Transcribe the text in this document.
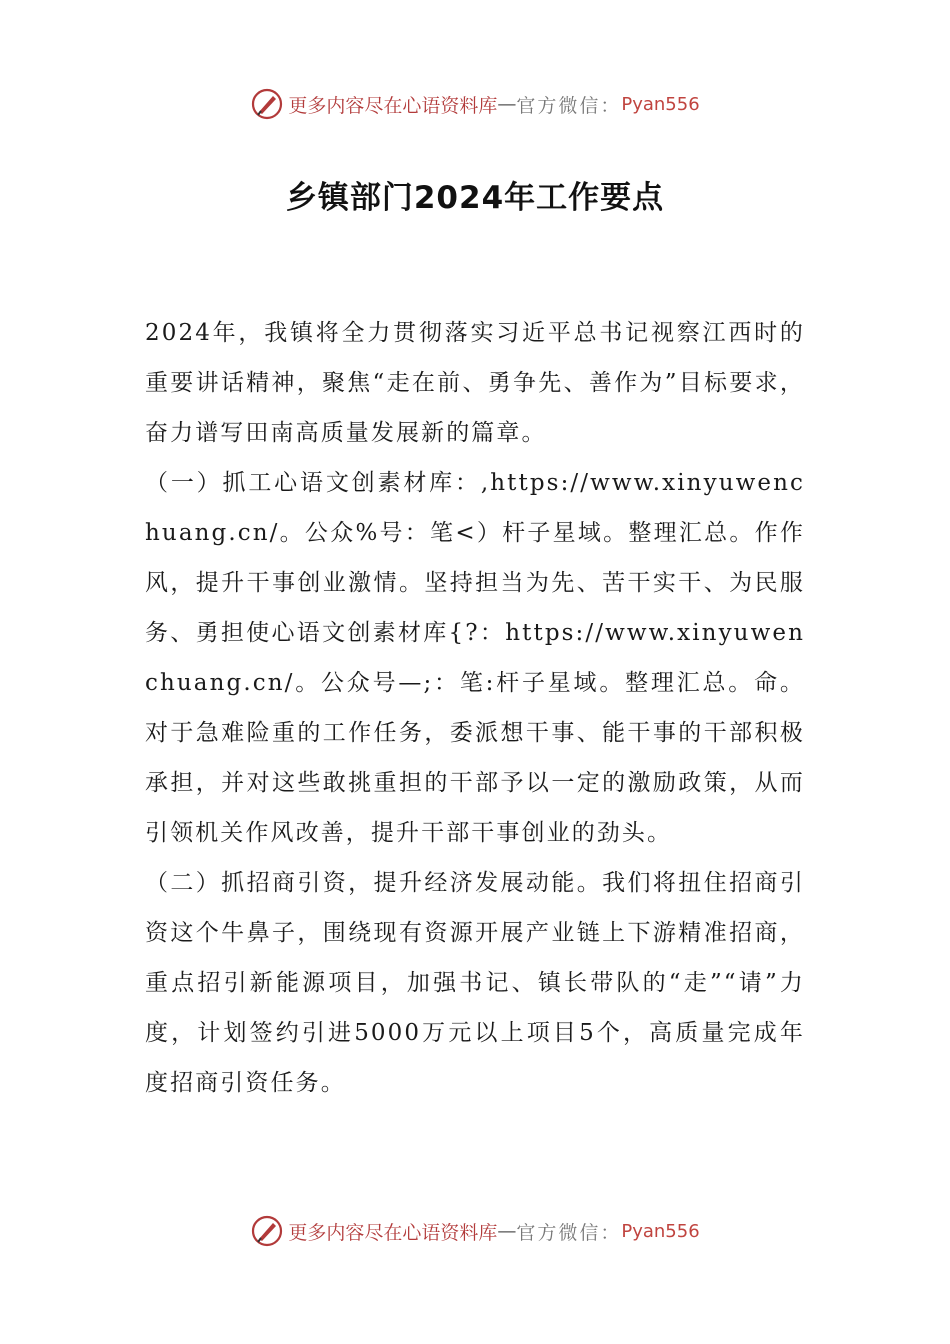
更多内容尽在心语资料库 — 官方微信： Pyan556
乡镇部门2024年工作要点

2024年，我镇将全力贯彻落实习近平总书记视察江西时的重要讲话精神，聚焦“走在前、勇争先、善作为”目标要求，奋力谱写田南高质量发展新的篇章。

（一）抓工心语文创素材库：,https://www.xinyuwenchuang.cn/。公众%号：笔<）杆子星域。整理汇总。作作风，提升干事创业激情。坚持担当为先、苦干实干、为民服务、勇担使心语文创素材库{?：https://www.xinyuwenchuang.cn/。公众号—;：笔:杆子星域。整理汇总。命。对于急难险重的工作任务，委派想干事、能干事的干部积极承担，并对这些敢挑重担的干部予以一定的激励政策，从而引领机关作风改善，提升干部干事创业的劲头。

（二）抓招商引资，提升经济发展动能。我们将扭住招商引资这个牛鼻子，围绕现有资源开展产业链上下游精准招商，重点招引新能源项目，加强书记、镇长带队的“走”“请”力度，计划签约引进5000万元以上项目5个，高质量完成年度招商引资任务。

更多内容尽在心语资料库 — 官方微信： Pyan556
